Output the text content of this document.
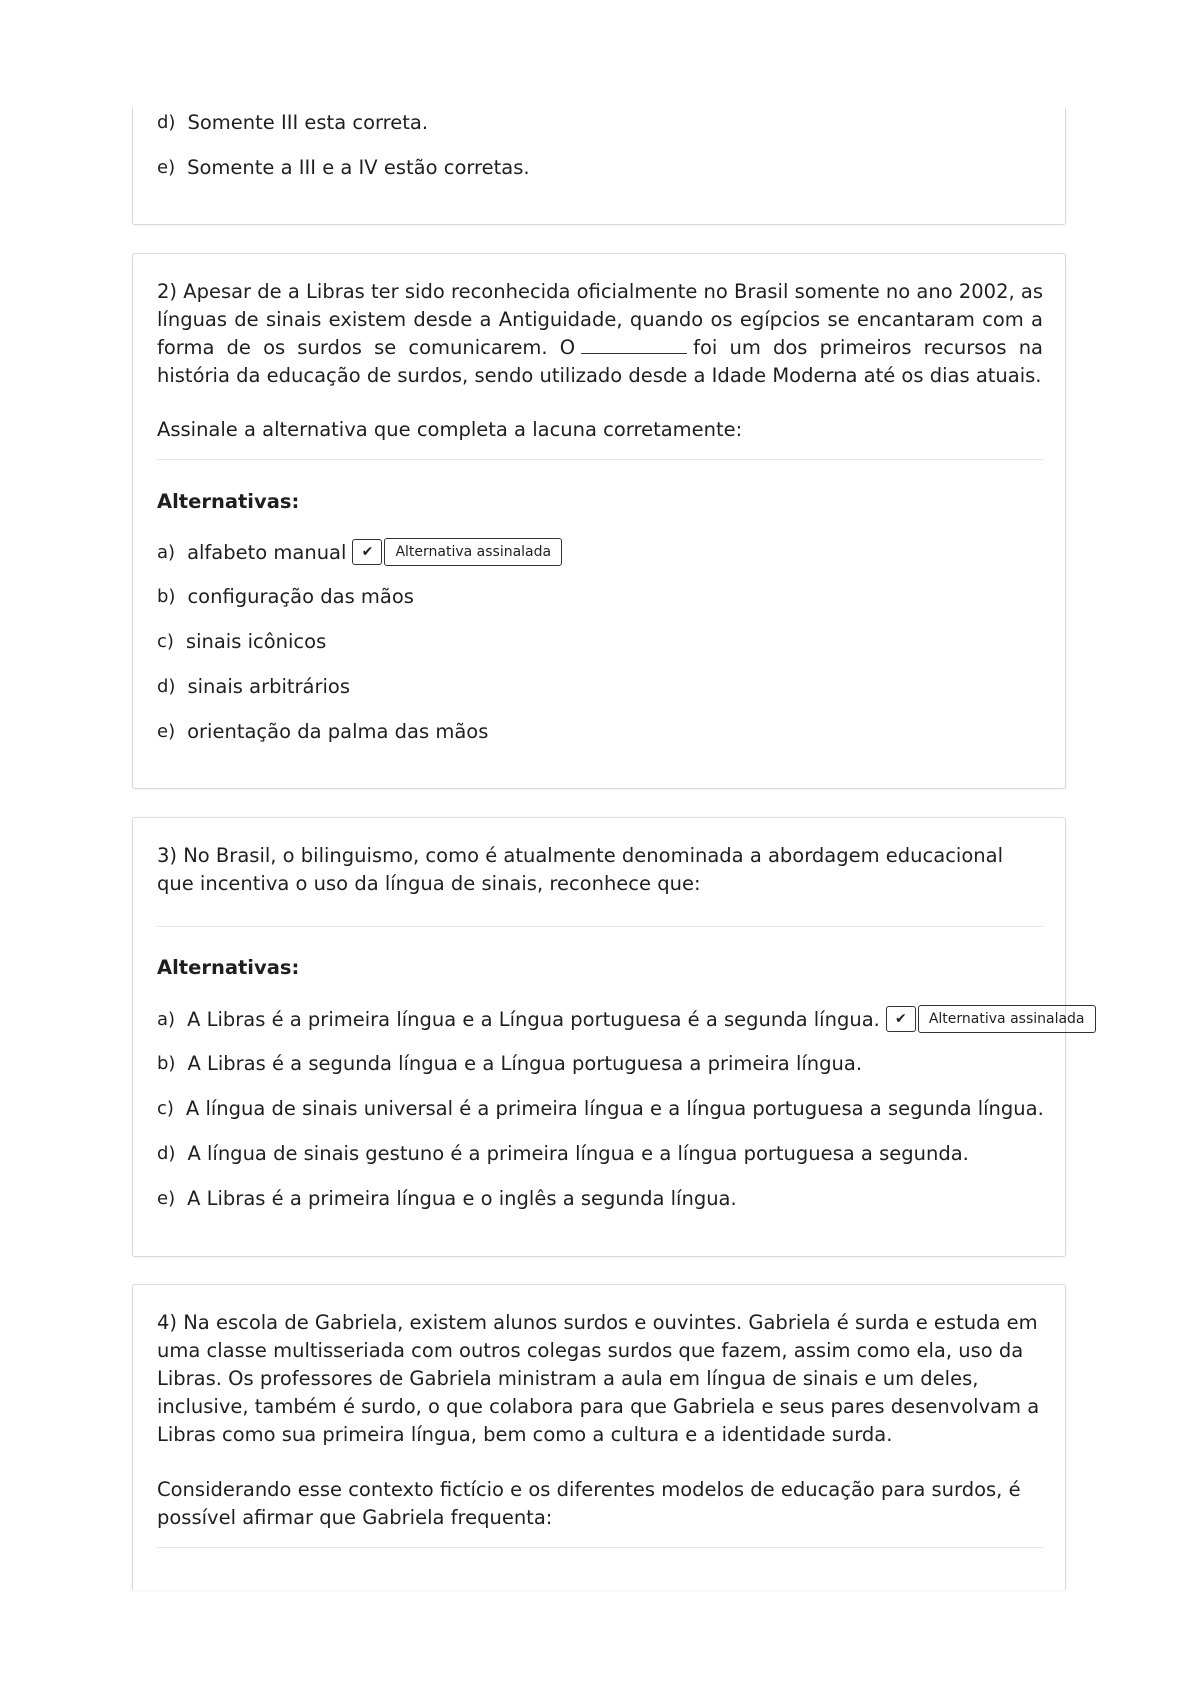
d) Somente III esta correta.
e) Somente a III e a IV estão corretas.

2) Apesar de a Libras ter sido reconhecida oficialmente no Brasil somente no ano 2002, as línguas de sinais existem desde a Antiguidade, quando os egípcios se encantaram com a forma de os surdos se comunicarem. O	foi um dos primeiros recursos na história da educação de surdos, sendo utilizado desde a Idade Moderna até os dias atuais.

Assinale a alternativa que completa a lacuna corretamente:

Alternativas:

a) alfabeto manual	✔	Alternativa assinalada
b) configuração das mãos
c) sinais icônicos
d) sinais arbitrários
e) orientação da palma das mãos

3) No Brasil, o bilinguismo, como é atualmente denominada a abordagem educacional que incentiva o uso da língua de sinais, reconhece que:

Alternativas:

a) A Libras é a primeira língua e a Língua portuguesa é a segunda língua.	✔	Alternativa assinalada
b) A Libras é a segunda língua e a Língua portuguesa a primeira língua.
c) A língua de sinais universal é a primeira língua e a língua portuguesa a segunda língua.
d) A língua de sinais gestuno é a primeira língua e a língua portuguesa a segunda.
e) A Libras é a primeira língua e o inglês a segunda língua.

4) Na escola de Gabriela, existem alunos surdos e ouvintes. Gabriela é surda e estuda em uma classe multisseriada com outros colegas surdos que fazem, assim como ela, uso da Libras. Os professores de Gabriela ministram a aula em língua de sinais e um deles, inclusive, também é surdo, o que colabora para que Gabriela e seus pares desenvolvam a Libras como sua primeira língua, bem como a cultura e a identidade surda.

Considerando esse contexto fictício e os diferentes modelos de educação para surdos, é possível afirmar que Gabriela frequenta:
